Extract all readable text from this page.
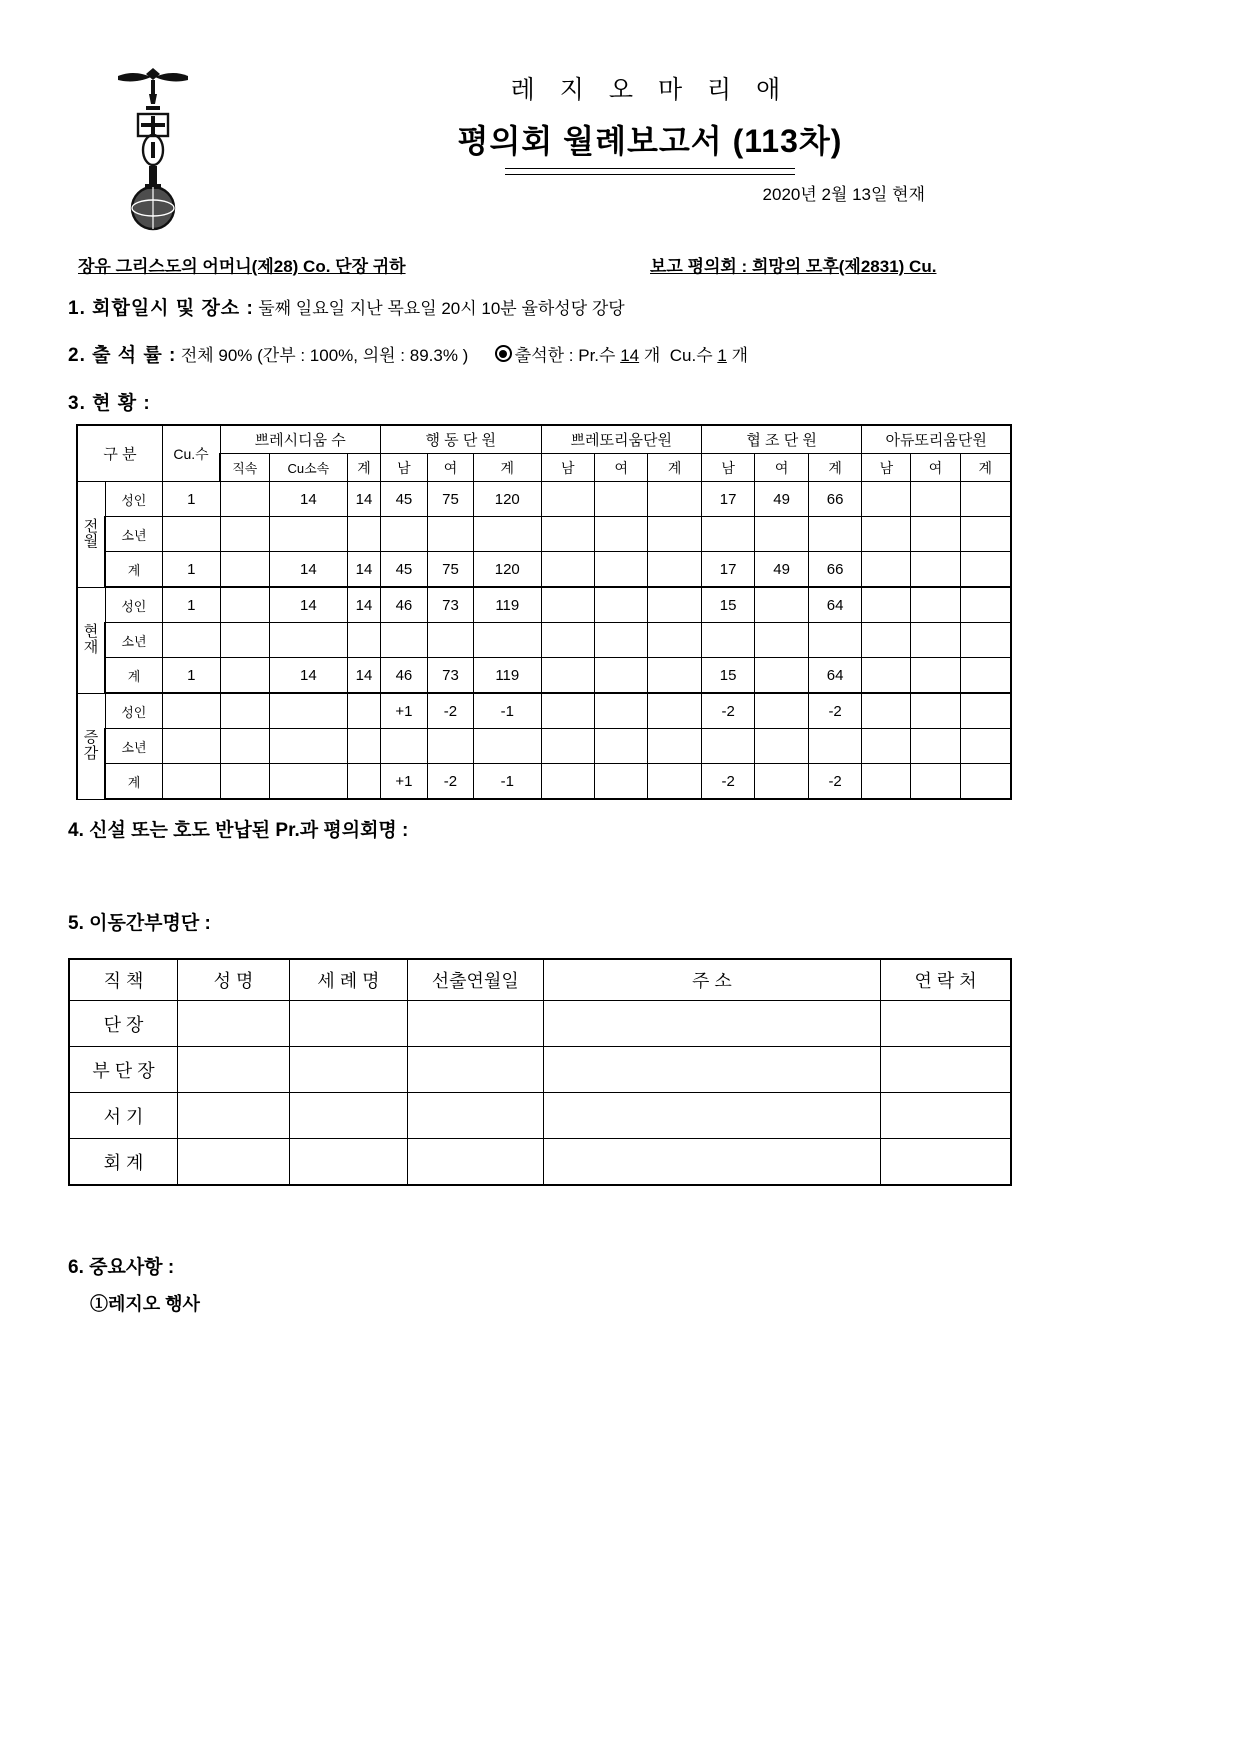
레 지 오 마 리 애
평의회 월례보고서 (113차)
2020년 2월 13일 현재
장유 그리스도의 어머니(제28) Co. 단장 귀하	보고 평의회 : 희망의 모후(제2831) Cu.
1. 회합일시 및 장소 : 둘째 일요일 지난 목요일 20시 10분 율하성당 강당
2. 출 석 률 : 전체 90% (간부 : 100%, 의원 : 89.3% )	출석한 : Pr.수 14 개 Cu.수 1 개
3. 현 황 :
구 분		Cu.수	쁘레시디움 수			행 동 단 원			쁘레또리움단원			협 조 단 원			아듀또리움단원		
			직속	Cu소속	계	남	여	계	남	여	계	남	여	계	남	여	계

전
월	성인	1		14	14	45	75	120				17	49	66			
	소년																
	계	1		14	14	45	75	120				17	49	66			

현
재	성인	1		14	14	46	73	119				15		64			
	소년																
	계	1		14	14	46	73	119				15		64			

증
감	성인					+1	-2	-1				-2		-2			
	소년																
	계					+1	-2	-1				-2		-2			
4. 신설 또는 호도 반납된 Pr.과 평의회명 :
5. 이동간부명단 :
직 책	성 명	세 례 명	선출연월일	주 소	연 락 처
단 장					
부 단 장					
서 기					
회 계					
6. 중요사항 :
①레지오 행사
